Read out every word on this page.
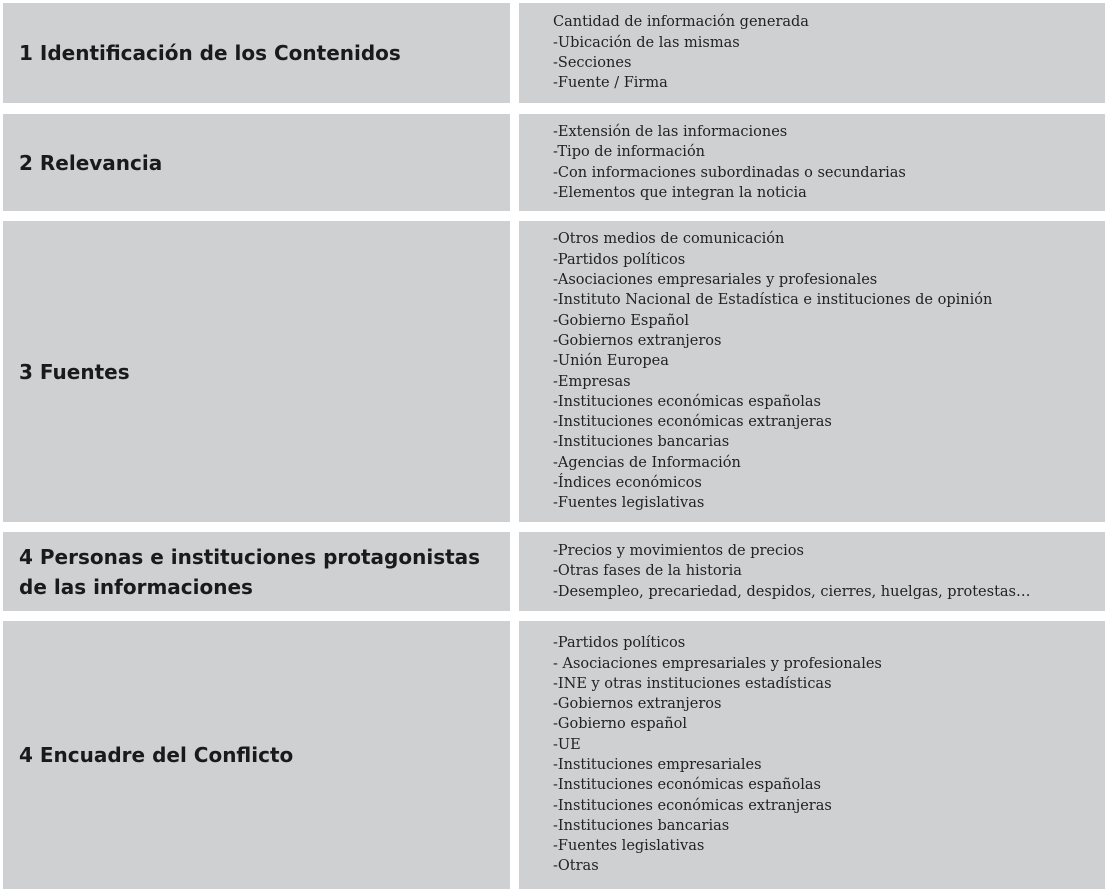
1 Identificación de los Contenidos

Cantidad de información generada
-Ubicación de las mismas
-Secciones
-Fuente / Firma

2 Relevancia

-Extensión de las informaciones
-Tipo de información
-Con informaciones subordinadas o secundarias
-Elementos que integran la noticia

3 Fuentes

-Otros medios de comunicación
-Partidos políticos
-Asociaciones empresariales y profesionales
-Instituto Nacional de Estadística e instituciones de opinión
-Gobierno Español
-Gobiernos extranjeros
-Unión Europea
-Empresas
-Instituciones económicas españolas
-Instituciones económicas extranjeras
-Instituciones bancarias
-Agencias de Información
-Índices económicos
-Fuentes legislativas

4 Personas e instituciones protagonistas de las informaciones

-Precios y movimientos de precios
-Otras fases de la historia
-Desempleo, precariedad, despidos, cierres, huelgas, protestas…

4 Encuadre del Conflicto

-Partidos políticos
- Asociaciones empresariales y profesionales
-INE y otras instituciones estadísticas
-Gobiernos extranjeros
-Gobierno español
-UE
-Instituciones empresariales
-Instituciones económicas españolas
-Instituciones económicas extranjeras
-Instituciones bancarias
-Fuentes legislativas
-Otras
